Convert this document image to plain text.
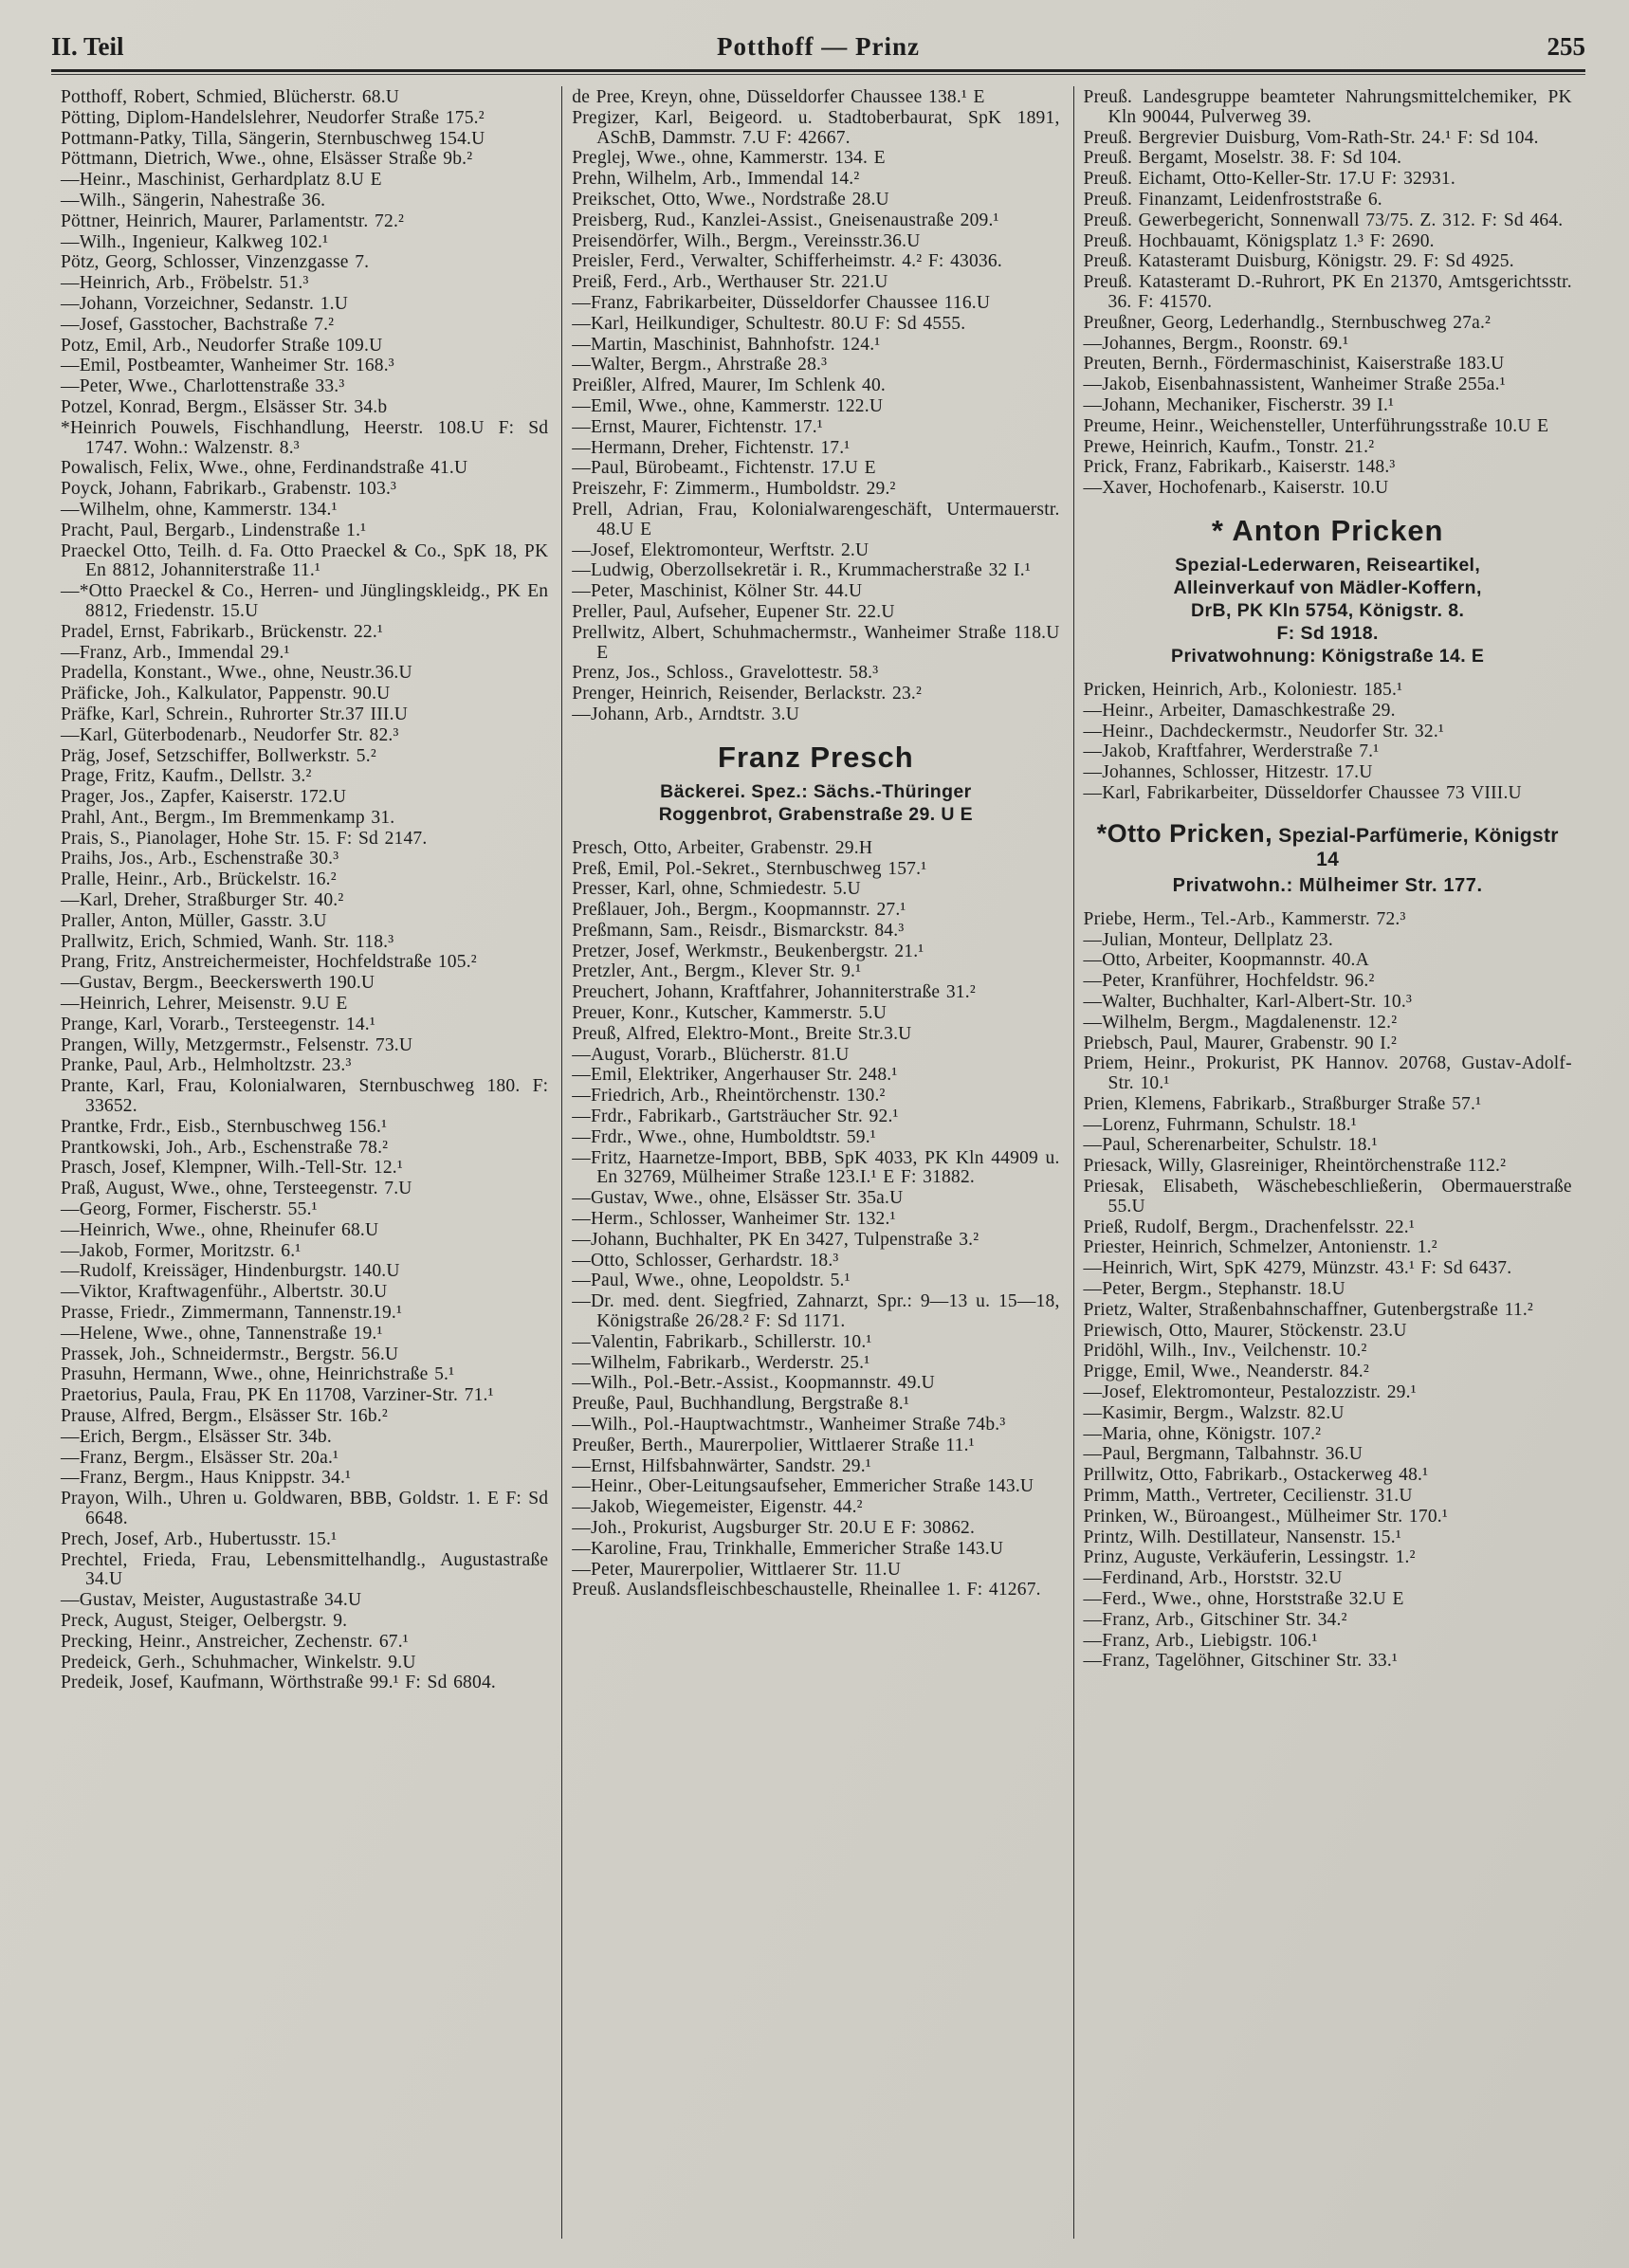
II. Teil	Potthoff — Prinz	255

Potthoff, Robert, Schmied, Blücherstr. 68.U

Pötting, Diplom-Handelslehrer, Neudorfer Straße 175.²

Pottmann-Patky, Tilla, Sängerin, Sternbuschweg 154.U

Pöttmann, Dietrich, Wwe., ohne, Elsässer Straße 9b.²

—Heinr., Maschinist, Gerhardplatz 8.U E

—Wilh., Sängerin, Nahestraße 36.

Pöttner, Heinrich, Maurer, Parlamentstr. 72.²

—Wilh., Ingenieur, Kalkweg 102.¹

Pötz, Georg, Schlosser, Vinzenzgasse 7.

—Heinrich, Arb., Fröbelstr. 51.³

—Johann, Vorzeichner, Sedanstr. 1.U

—Josef, Gasstocher, Bachstraße 7.²

Potz, Emil, Arb., Neudorfer Straße 109.U

—Emil, Postbeamter, Wanheimer Str. 168.³

—Peter, Wwe., Charlottenstraße 33.³

Potzel, Konrad, Bergm., Elsässer Str. 34.b

*Heinrich Pouwels, Fischhandlung, Heerstr. 108.U F: Sd 1747. Wohn.: Walzenstr. 8.³

Powalisch, Felix, Wwe., ohne, Ferdinandstraße 41.U

Poyck, Johann, Fabrikarb., Grabenstr. 103.³

—Wilhelm, ohne, Kammerstr. 134.¹

Pracht, Paul, Bergarb., Lindenstraße 1.¹

Praeckel Otto, Teilh. d. Fa. Otto Praeckel & Co., SpK 18, PK En 8812, Johanniterstraße 11.¹

—*Otto Praeckel & Co., Herren- und Jünglingskleidg., PK En 8812, Friedenstr. 15.U

Pradel, Ernst, Fabrikarb., Brückenstr. 22.¹

—Franz, Arb., Immendal 29.¹

Pradella, Konstant., Wwe., ohne, Neustr.36.U

Präficke, Joh., Kalkulator, Pappenstr. 90.U

Präfke, Karl, Schrein., Ruhrorter Str.37 III.U

—Karl, Güterbodenarb., Neudorfer Str. 82.³

Präg, Josef, Setzschiffer, Bollwerkstr. 5.²

Prage, Fritz, Kaufm., Dellstr. 3.²

Prager, Jos., Zapfer, Kaiserstr. 172.U

Prahl, Ant., Bergm., Im Bremmenkamp 31.

Prais, S., Pianolager, Hohe Str. 15. F: Sd 2147.

Praihs, Jos., Arb., Eschenstraße 30.³

Pralle, Heinr., Arb., Brückelstr. 16.²

—Karl, Dreher, Straßburger Str. 40.²

Praller, Anton, Müller, Gasstr. 3.U

Prallwitz, Erich, Schmied, Wanh. Str. 118.³

Prang, Fritz, Anstreichermeister, Hochfeldstraße 105.²

—Gustav, Bergm., Beeckerswerth 190.U

—Heinrich, Lehrer, Meisenstr. 9.U E

Prange, Karl, Vorarb., Tersteegenstr. 14.¹

Prangen, Willy, Metzgermstr., Felsenstr. 73.U

Pranke, Paul, Arb., Helmholtzstr. 23.³

Prante, Karl, Frau, Kolonialwaren, Sternbuschweg 180. F: 33652.

Prantke, Frdr., Eisb., Sternbuschweg 156.¹

Prantkowski, Joh., Arb., Eschenstraße 78.²

Prasch, Josef, Klempner, Wilh.-Tell-Str. 12.¹

Praß, August, Wwe., ohne, Tersteegenstr. 7.U

—Georg, Former, Fischerstr. 55.¹

—Heinrich, Wwe., ohne, Rheinufer 68.U

—Jakob, Former, Moritzstr. 6.¹

—Rudolf, Kreissäger, Hindenburgstr. 140.U

—Viktor, Kraftwagenführ., Albertstr. 30.U

Prasse, Friedr., Zimmermann, Tannenstr.19.¹

—Helene, Wwe., ohne, Tannenstraße 19.¹

Prassek, Joh., Schneidermstr., Bergstr. 56.U

Prasuhn, Hermann, Wwe., ohne, Heinrichstraße 5.¹

Praetorius, Paula, Frau, PK En 11708, Varziner-Str. 71.¹

Prause, Alfred, Bergm., Elsässer Str. 16b.²

—Erich, Bergm., Elsässer Str. 34b.

—Franz, Bergm., Elsässer Str. 20a.¹

—Franz, Bergm., Haus Knippstr. 34.¹

Prayon, Wilh., Uhren u. Goldwaren, BBB, Goldstr. 1. E F: Sd 6648.

Prech, Josef, Arb., Hubertusstr. 15.¹

Prechtel, Frieda, Frau, Lebensmittelhandlg., Augustastraße 34.U

—Gustav, Meister, Augustastraße 34.U

Preck, August, Steiger, Oelbergstr. 9.

Precking, Heinr., Anstreicher, Zechenstr. 67.¹

Predeick, Gerh., Schuhmacher, Winkelstr. 9.U

Predeik, Josef, Kaufmann, Wörthstraße 99.¹ F: Sd 6804.

de Pree, Kreyn, ohne, Düsseldorfer Chaussee 138.¹ E

Pregizer, Karl, Beigeord. u. Stadtoberbaurat, SpK 1891, ASchB, Dammstr. 7.U F: 42667.

Preglej, Wwe., ohne, Kammerstr. 134. E

Prehn, Wilhelm, Arb., Immendal 14.²

Preikschet, Otto, Wwe., Nordstraße 28.U

Preisberg, Rud., Kanzlei-Assist., Gneisenaustraße 209.¹

Preisendörfer, Wilh., Bergm., Vereinsstr.36.U

Preisler, Ferd., Verwalter, Schifferheimstr. 4.² F: 43036.

Preiß, Ferd., Arb., Werthauser Str. 221.U

—Franz, Fabrikarbeiter, Düsseldorfer Chaussee 116.U

—Karl, Heilkundiger, Schultestr. 80.U F: Sd 4555.

—Martin, Maschinist, Bahnhofstr. 124.¹

—Walter, Bergm., Ahrstraße 28.³

Preißler, Alfred, Maurer, Im Schlenk 40.

—Emil, Wwe., ohne, Kammerstr. 122.U

—Ernst, Maurer, Fichtenstr. 17.¹

—Hermann, Dreher, Fichtenstr. 17.¹

—Paul, Bürobeamt., Fichtenstr. 17.U E

Preiszehr, F: Zimmerm., Humboldstr. 29.²

Prell, Adrian, Frau, Kolonialwarengeschäft, Untermauerstr. 48.U E

—Josef, Elektromonteur, Werftstr. 2.U

—Ludwig, Oberzollsekretär i. R., Krummacherstraße 32 I.¹

—Peter, Maschinist, Kölner Str. 44.U

Preller, Paul, Aufseher, Eupener Str. 22.U

Prellwitz, Albert, Schuhmachermstr., Wanheimer Straße 118.U E

Prenz, Jos., Schloss., Gravelottestr. 58.³

Prenger, Heinrich, Reisender, Berlackstr. 23.²

—Johann, Arb., Arndtstr. 3.U

Franz Presch
Bäckerei. Spez.: Sächs.-Thüringer
Roggenbrot, Grabenstraße 29. U E

Presch, Otto, Arbeiter, Grabenstr. 29.H

Preß, Emil, Pol.-Sekret., Sternbuschweg 157.¹

Presser, Karl, ohne, Schmiedestr. 5.U

Preßlauer, Joh., Bergm., Koopmannstr. 27.¹

Preßmann, Sam., Reisdr., Bismarckstr. 84.³

Pretzer, Josef, Werkmstr., Beukenbergstr. 21.¹

Pretzler, Ant., Bergm., Klever Str. 9.¹

Preuchert, Johann, Kraftfahrer, Johanniterstraße 31.²

Preuer, Konr., Kutscher, Kammerstr. 5.U

Preuß, Alfred, Elektro-Mont., Breite Str.3.U

—August, Vorarb., Blücherstr. 81.U

—Emil, Elektriker, Angerhauser Str. 248.¹

—Friedrich, Arb., Rheintörchenstr. 130.²

—Frdr., Fabrikarb., Gartsträucher Str. 92.¹

—Frdr., Wwe., ohne, Humboldtstr. 59.¹

—Fritz, Haarnetze-Import, BBB, SpK 4033, PK Kln 44909 u. En 32769, Mülheimer Straße 123.I.¹ E F: 31882.

—Gustav, Wwe., ohne, Elsässer Str. 35a.U

—Herm., Schlosser, Wanheimer Str. 132.¹

—Johann, Buchhalter, PK En 3427, Tulpenstraße 3.²

—Otto, Schlosser, Gerhardstr. 18.³

—Paul, Wwe., ohne, Leopoldstr. 5.¹

—Dr. med. dent. Siegfried, Zahnarzt, Spr.: 9—13 u. 15—18, Königstraße 26/28.² F: Sd 1171.

—Valentin, Fabrikarb., Schillerstr. 10.¹

—Wilhelm, Fabrikarb., Werderstr. 25.¹

—Wilh., Pol.-Betr.-Assist., Koopmannstr. 49.U

Preuße, Paul, Buchhandlung, Bergstraße 8.¹

—Wilh., Pol.-Hauptwachtmstr., Wanheimer Straße 74b.³

Preußer, Berth., Maurerpolier, Wittlaerer Straße 11.¹

—Ernst, Hilfsbahnwärter, Sandstr. 29.¹

—Heinr., Ober-Leitungsaufseher, Emmericher Straße 143.U

—Jakob, Wiegemeister, Eigenstr. 44.²

—Joh., Prokurist, Augsburger Str. 20.U E F: 30862.

—Karoline, Frau, Trinkhalle, Emmericher Straße 143.U

—Peter, Maurerpolier, Wittlaerer Str. 11.U

Preuß. Auslandsfleischbeschaustelle, Rheinallee 1. F: 41267.

Preuß. Landesgruppe beamteter Nahrungsmittelchemiker, PK Kln 90044, Pulverweg 39.

Preuß. Bergrevier Duisburg, Vom-Rath-Str. 24.¹ F: Sd 104.

Preuß. Bergamt, Moselstr. 38. F: Sd 104.

Preuß. Eichamt, Otto-Keller-Str. 17.U F: 32931.

Preuß. Finanzamt, Leidenfroststraße 6.

Preuß. Gewerbegericht, Sonnenwall 73/75. Z. 312. F: Sd 464.

Preuß. Hochbauamt, Königsplatz 1.³ F: 2690.

Preuß. Katasteramt Duisburg, Königstr. 29. F: Sd 4925.

Preuß. Katasteramt D.-Ruhrort, PK En 21370, Amtsgerichtsstr. 36. F: 41570.

Preußner, Georg, Lederhandlg., Sternbuschweg 27a.²

—Johannes, Bergm., Roonstr. 69.¹

Preuten, Bernh., Fördermaschinist, Kaiserstraße 183.U

—Jakob, Eisenbahnassistent, Wanheimer Straße 255a.¹

—Johann, Mechaniker, Fischerstr. 39 I.¹

Preume, Heinr., Weichensteller, Unterführungsstraße 10.U E

Prewe, Heinrich, Kaufm., Tonstr. 21.²

Prick, Franz, Fabrikarb., Kaiserstr. 148.³

—Xaver, Hochofenarb., Kaiserstr. 10.U

* Anton Pricken
Spezial-Lederwaren, Reiseartikel,
Alleinverkauf von Mädler-Koffern,
DrB, PK Kln 5754, Königstr. 8.
F: Sd 1918.
Privatwohnung: Königstraße 14. E

Pricken, Heinrich, Arb., Koloniestr. 185.¹

—Heinr., Arbeiter, Damaschkestraße 29.

—Heinr., Dachdeckermstr., Neudorfer Str. 32.¹

—Jakob, Kraftfahrer, Werderstraße 7.¹

—Johannes, Schlosser, Hitzestr. 17.U

—Karl, Fabrikarbeiter, Düsseldorfer Chaussee 73 VIII.U

*Otto Pricken, Spezial-Parfümerie, Königstr 14
Privatwohn.: Mülheimer Str. 177.

Priebe, Herm., Tel.-Arb., Kammerstr. 72.³

—Julian, Monteur, Dellplatz 23.

—Otto, Arbeiter, Koopmannstr. 40.A

—Peter, Kranführer, Hochfeldstr. 96.²

—Walter, Buchhalter, Karl-Albert-Str. 10.³

—Wilhelm, Bergm., Magdalenenstr. 12.²

Priebsch, Paul, Maurer, Grabenstr. 90 I.²

Priem, Heinr., Prokurist, PK Hannov. 20768, Gustav-Adolf-Str. 10.¹

Prien, Klemens, Fabrikarb., Straßburger Straße 57.¹

—Lorenz, Fuhrmann, Schulstr. 18.¹

—Paul, Scherenarbeiter, Schulstr. 18.¹

Priesack, Willy, Glasreiniger, Rheintörchenstraße 112.²

Priesak, Elisabeth, Wäschebeschließerin, Obermauerstraße 55.U

Prieß, Rudolf, Bergm., Drachenfelsstr. 22.¹

Priester, Heinrich, Schmelzer, Antonienstr. 1.²

—Heinrich, Wirt, SpK 4279, Münzstr. 43.¹ F: Sd 6437.

—Peter, Bergm., Stephanstr. 18.U

Prietz, Walter, Straßenbahnschaffner, Gutenbergstraße 11.²

Priewisch, Otto, Maurer, Stöckenstr. 23.U

Pridöhl, Wilh., Inv., Veilchenstr. 10.²

Prigge, Emil, Wwe., Neanderstr. 84.²

—Josef, Elektromonteur, Pestalozzistr. 29.¹

—Kasimir, Bergm., Walzstr. 82.U

—Maria, ohne, Königstr. 107.²

—Paul, Bergmann, Talbahnstr. 36.U

Prillwitz, Otto, Fabrikarb., Ostackerweg 48.¹

Primm, Matth., Vertreter, Cecilienstr. 31.U

Prinken, W., Büroangest., Mülheimer Str. 170.¹

Printz, Wilh. Destillateur, Nansenstr. 15.¹

Prinz, Auguste, Verkäuferin, Lessingstr. 1.²

—Ferdinand, Arb., Horststr. 32.U

—Ferd., Wwe., ohne, Horststraße 32.U E

—Franz, Arb., Gitschiner Str. 34.²

—Franz, Arb., Liebigstr. 106.¹

—Franz, Tagelöhner, Gitschiner Str. 33.¹
